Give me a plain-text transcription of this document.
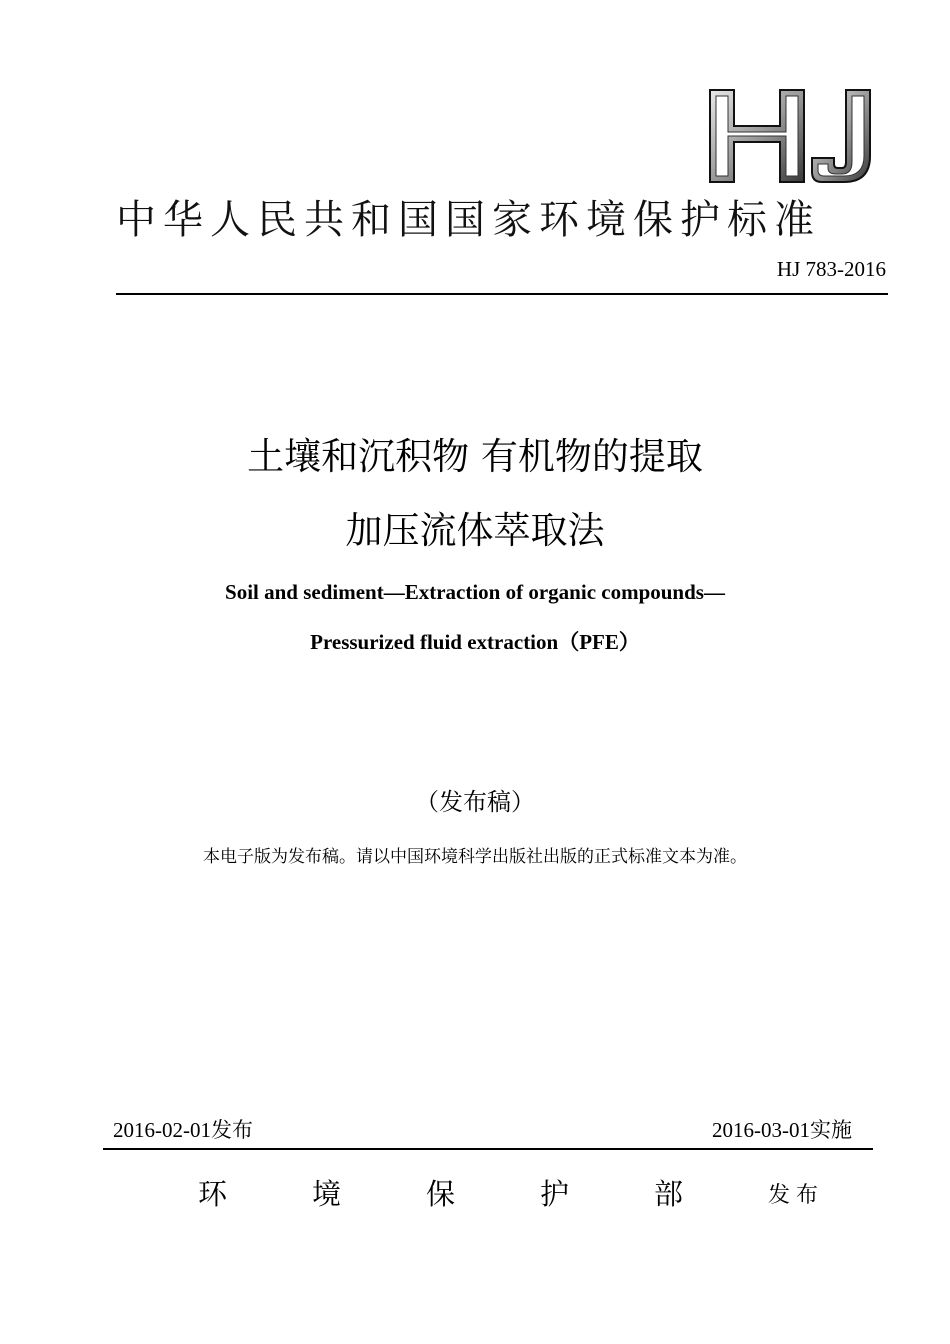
中华人民共和国国家环境保护标准
HJ 783-2016
土壤和沉积物 有机物的提取
加压流体萃取法
Soil and sediment—Extraction of organic compounds—
Pressurized fluid extraction（PFE）
（发布稿）
本电子版为发布稿。请以中国环境科学出版社出版的正式标准文本为准。
2016-02-01发布	2016-03-01实施
环	境	保	护	部	发布
